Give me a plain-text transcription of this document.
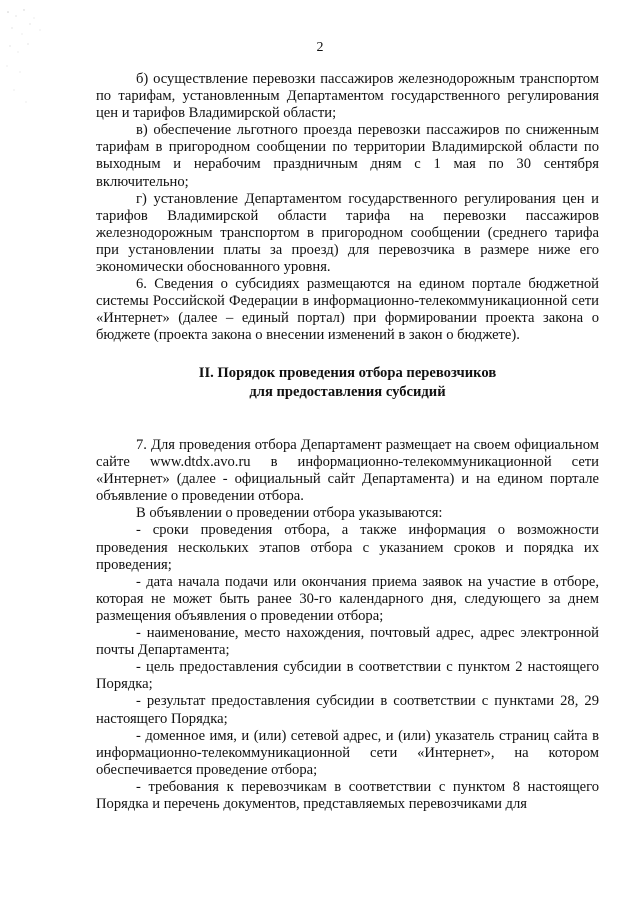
2

б) осуществление перевозки пассажиров железнодорожным транспортом по тарифам, установленным Департаментом государственного регулирования цен и тарифов Владимирской области;

в) обеспечение льготного проезда перевозки пассажиров по сниженным тарифам в пригородном сообщении по территории Владимирской области по выходным и нерабочим праздничным дням с 1 мая по 30 сентября включительно;

г) установление Департаментом государственного регулирования цен и тарифов Владимирской области тарифа на перевозки пассажиров железнодорожным транспортом в пригородном сообщении (среднего тарифа при установлении платы за проезд) для перевозчика в размере ниже его экономически обоснованного уровня.

6. Сведения о субсидиях размещаются на едином портале бюджетной системы Российской Федерации в информационно-телекоммуникационной сети «Интернет» (далее – единый портал) при формировании проекта закона о бюджете (проекта закона о внесении изменений в закон о бюджете).

II. Порядок проведения отбора перевозчиков
для предоставления субсидий

7. Для проведения отбора Департамент размещает на своем официальном сайте www.dtdx.avo.ru в информационно-телекоммуникационной сети «Интернет» (далее - официальный сайт Департамента) и на едином портале объявление о проведении отбора.

В объявлении о проведении отбора указываются:

- сроки проведения отбора, а также информация о возможности проведения нескольких этапов отбора с указанием сроков и порядка их проведения;

- дата начала подачи или окончания приема заявок на участие в отборе, которая не может быть ранее 30-го календарного дня, следующего за днем размещения объявления о проведении отбора;

- наименование, место нахождения, почтовый адрес, адрес электронной почты Департамента;

- цель предоставления субсидии в соответствии с пунктом 2 настоящего Порядка;

- результат предоставления субсидии в соответствии с пунктами 28, 29 настоящего Порядка;

- доменное имя, и (или) сетевой адрес, и (или) указатель страниц сайта в информационно-телекоммуникационной сети «Интернет», на котором обеспечивается проведение отбора;

- требования к перевозчикам в соответствии с пунктом 8 настоящего Порядка и перечень документов, представляемых перевозчиками для
